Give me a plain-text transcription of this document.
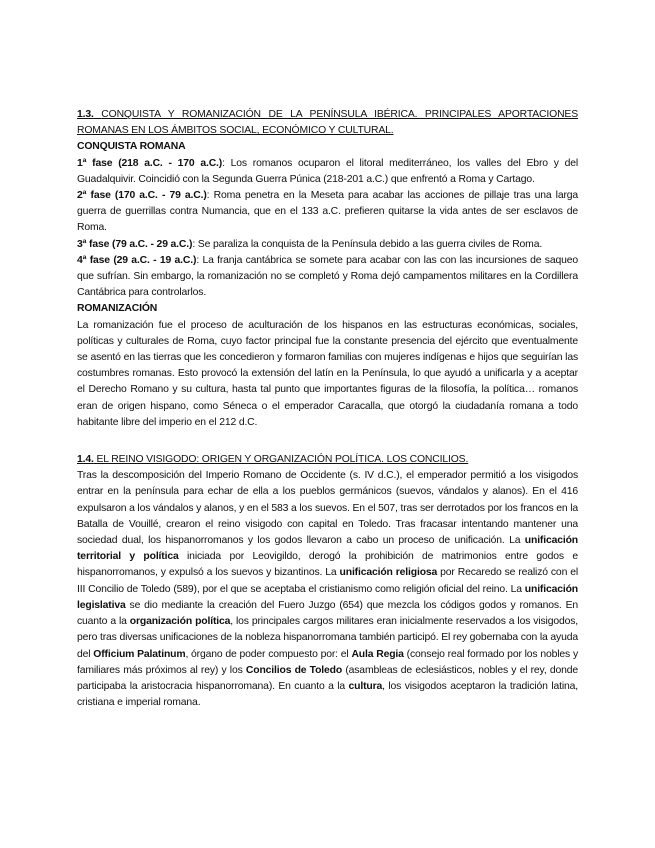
1.3. CONQUISTA Y ROMANIZACIÓN DE LA PENÍNSULA IBÉRICA. PRINCIPALES APORTACIONES ROMANAS EN LOS ÁMBITOS SOCIAL, ECONÓMICO Y CULTURAL.

CONQUISTA ROMANA

1ª fase (218 a.C. - 170 a.C.): Los romanos ocuparon el litoral mediterráneo, los valles del Ebro y del Guadalquivir. Coincidió con la Segunda Guerra Púnica (218-201 a.C.) que enfrentó a Roma y Cartago.

2ª fase (170 a.C. - 79 a.C.): Roma penetra en la Meseta para acabar las acciones de pillaje tras una larga guerra de guerrillas contra Numancia, que en el 133 a.C. prefieren quitarse la vida antes de ser esclavos de Roma.

3ª fase (79 a.C. - 29 a.C.): Se paraliza la conquista de la Península debido a las guerra civiles de Roma.

4ª fase (29 a.C. - 19 a.C.): La franja cantábrica se somete para acabar con las con las incursiones de saqueo que sufrían. Sin embargo, la romanización no se completó y Roma dejó campamentos militares en la Cordillera Cantábrica para controlarlos.

ROMANIZACIÓN

La romanización fue el proceso de aculturación de los hispanos en las estructuras económicas, sociales, políticas y culturales de Roma, cuyo factor principal fue la constante presencia del ejército que eventualmente se asentó en las tierras que les concedieron y formaron familias con mujeres indígenas e hijos que seguirían las costumbres romanas. Esto provocó la extensión del latín en la Península, lo que ayudó a unificarla y a aceptar el Derecho Romano y su cultura, hasta tal punto que importantes figuras de la filosofía, la política… romanos eran de origen hispano, como Séneca o el emperador Caracalla, que otorgó la ciudadanía romana a todo habitante libre del imperio en el 212 d.C.

1.4. EL REINO VISIGODO: ORIGEN Y ORGANIZACIÓN POLÍTICA. LOS CONCILIOS.

Tras la descomposición del Imperio Romano de Occidente (s. IV d.C.), el emperador permitió a los visigodos entrar en la península para echar de ella a los pueblos germánicos (suevos, vándalos y alanos). En el 416 expulsaron a los vándalos y alanos, y en el 583 a los suevos. En el 507, tras ser derrotados por los francos en la Batalla de Vouillé, crearon el reino visigodo con capital en Toledo. Tras fracasar intentando mantener una sociedad dual, los hispanorromanos y los godos llevaron a cabo un proceso de unificación. La unificación territorial y política iniciada por Leovigildo, derogó la prohibición de matrimonios entre godos e hispanorromanos, y expulsó a los suevos y bizantinos. La unificación religiosa por Recaredo se realizó con el III Concilio de Toledo (589), por el que se aceptaba el cristianismo como religión oficial del reino. La unificación legislativa se dio mediante la creación del Fuero Juzgo (654) que mezcla los códigos godos y romanos. En cuanto a la organización política, los principales cargos militares eran inicialmente reservados a los visigodos, pero tras diversas unificaciones de la nobleza hispanorromana también participó. El rey gobernaba con la ayuda del Officium Palatinum, órgano de poder compuesto por: el Aula Regia (consejo real formado por los nobles y familiares más próximos al rey) y los Concilios de Toledo (asambleas de eclesiásticos, nobles y el rey, donde participaba la aristocracia hispanorromana). En cuanto a la cultura, los visigodos aceptaron la tradición latina, cristiana e imperial romana.
